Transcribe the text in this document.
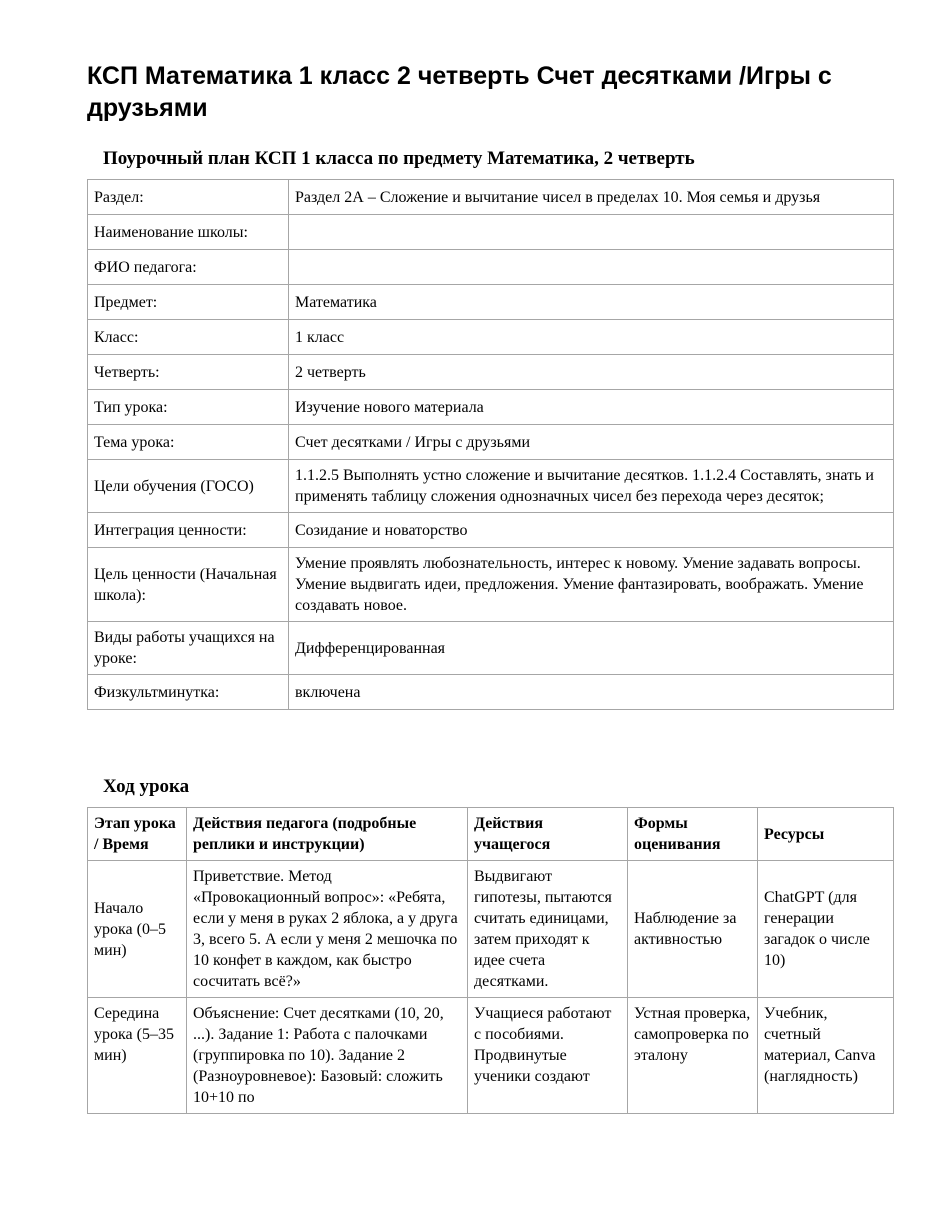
КСП Математика 1 класс 2 четверть Счет десятками /Игры с друзьями

Поурочный план КСП 1 класса по предмету Математика, 2 четверть

Раздел:	Раздел 2А – Сложение и вычитание чисел в пределах 10. Моя семья и друзья
Наименование школы:	
ФИО педагога:	
Предмет:	Математика
Класс:	1 класс
Четверть:	2 четверть
Тип урока:	Изучение нового материала
Тема урока:	Счет десятками / Игры с друзьями
Цели обучения (ГОСО)	1.1.2.5 Выполнять устно сложение и вычитание десятков. 1.1.2.4 Составлять, знать и применять таблицу сложения однозначных чисел без перехода через десяток;
Интеграция ценности:	Созидание и новаторство
Цель ценности (Начальная школа):	Умение проявлять любознательность, интерес к новому. Умение задавать вопросы. Умение выдвигать идеи, предложения. Умение фантазировать, воображать. Умение создавать новое.
Виды работы учащихся на уроке:	Дифференцированная
Физкультминутка:	включена

Ход урока

Этап урока / Время	Действия педагога (подробные реплики и инструкции)	Действия учащегося	Формы оценивания	Ресурсы
Начало урока (0–5 мин)	Приветствие. Метод «Провокационный вопрос»: «Ребята, если у меня в руках 2 яблока, а у друга 3, всего 5. А если у меня 2 мешочка по 10 конфет в каждом, как быстро сосчитать всё?»	Выдвигают гипотезы, пытаются считать единицами, затем приходят к идее счета десятками.	Наблюдение за активностью	ChatGPT (для генерации загадок о числе 10)
Середина урока (5–35 мин)	Объяснение: Счет десятками (10, 20, ...). Задание 1: Работа с палочками (группировка по 10). Задание 2 (Разноуровневое): Базовый: сложить 10+10 по	Учащиеся работают с пособиями. Продвинутые ученики создают	Устная проверка, самопроверка по эталону	Учебник, счетный материал, Canva (наглядность)
